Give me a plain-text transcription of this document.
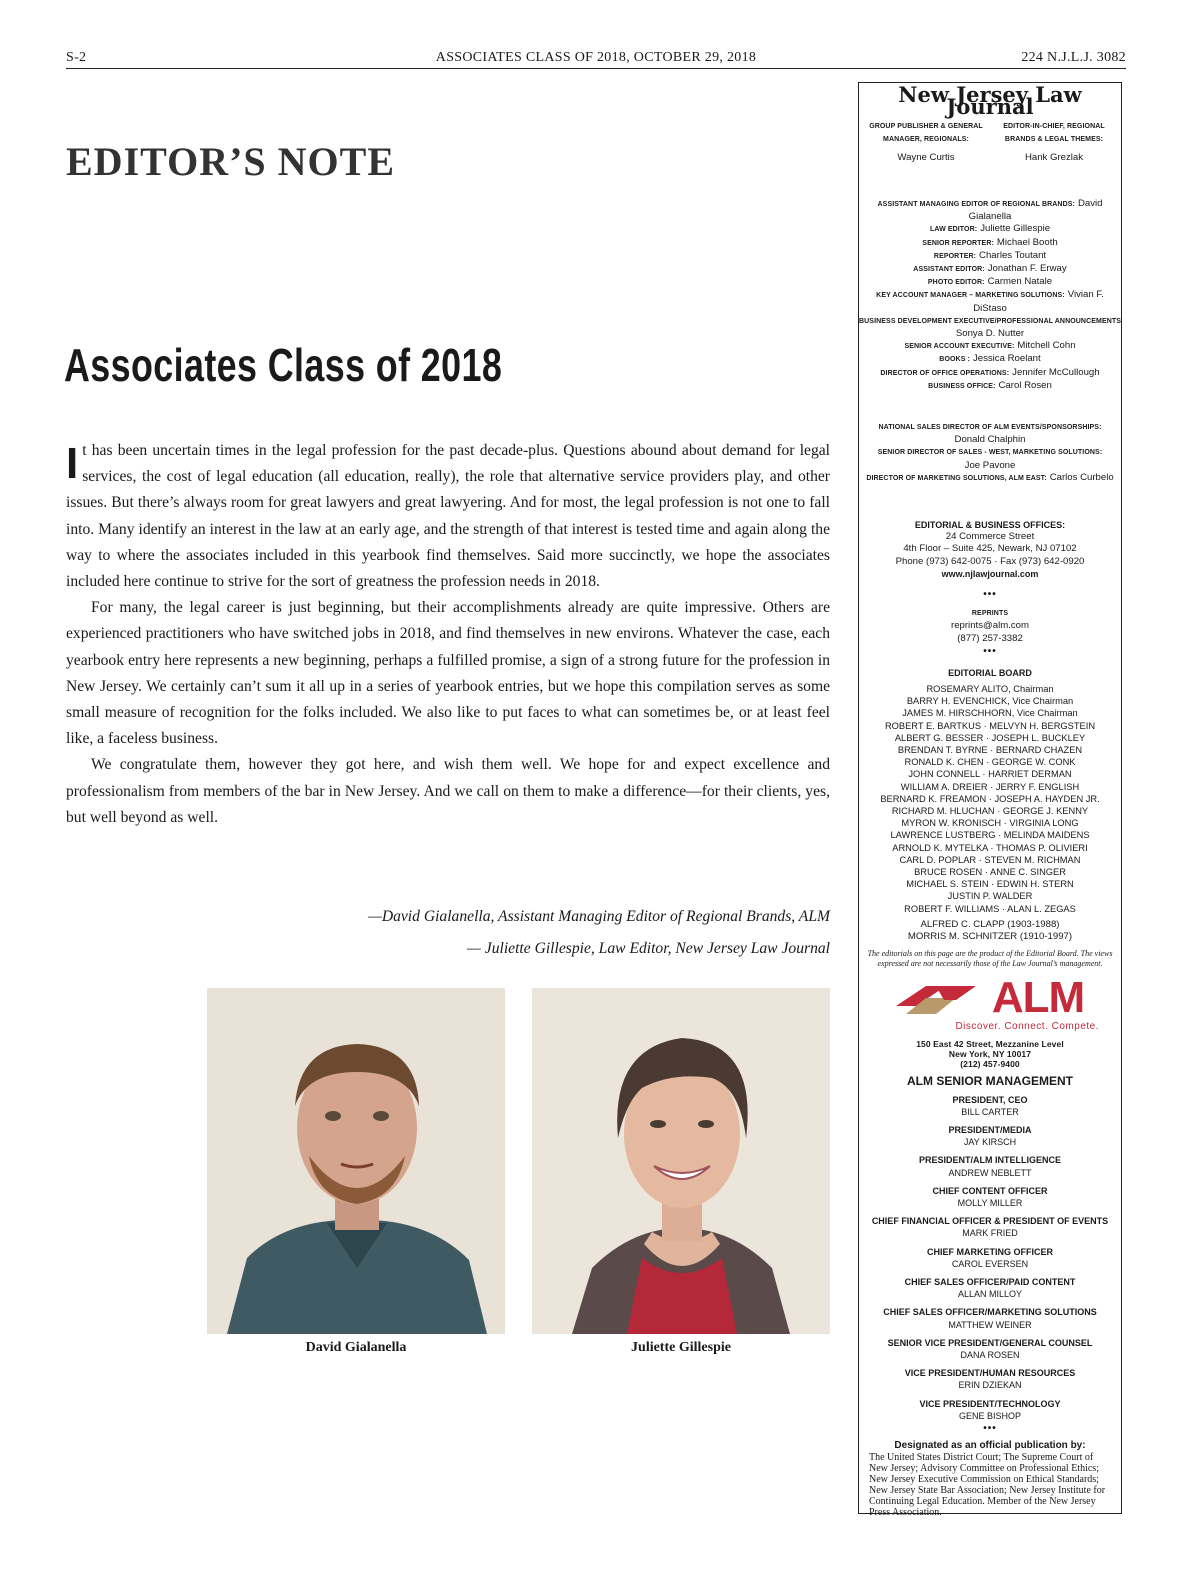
S-2	ASSOCIATES CLASS OF 2018, OCTOBER 29, 2018	224 N.J.L.J. 3082
EDITOR’S NOTE
Associates Class of 2018

It has been uncertain times in the legal profession for the past decade-plus. Questions abound about demand for legal services, the cost of legal education (all education, really), the role that alternative service providers play, and other issues. But there’s always room for great lawyers and great lawyering. And for most, the legal profession is not one to fall into. Many identify an interest in the law at an early age, and the strength of that interest is tested time and again along the way to where the associates included in this yearbook find themselves. Said more succinctly, we hope the associates included here continue to strive for the sort of greatness the profession needs in 2018.

For many, the legal career is just beginning, but their accomplishments already are quite impressive. Others are experienced practitioners who have switched jobs in 2018, and find themselves in new environs. Whatever the case, each yearbook entry here represents a new beginning, perhaps a fulfilled promise, a sign of a strong future for the profession in New Jersey. We certainly can’t sum it all up in a series of yearbook entries, but we hope this compilation serves as some small measure of recognition for the folks included. We also like to put faces to what can sometimes be, or at least feel like, a faceless business.

We congratulate them, however they got here, and wish them well. We hope for and expect excellence and professionalism from members of the bar in New Jersey. And we call on them to make a difference—for their clients, yes, but well beyond as well.

—David Gialanella, Assistant Managing Editor of Regional Brands, ALM
— Juliette Gillespie, Law Editor, New Jersey Law Journal
David Gialanella	Juliette Gillespie
New Jersey Law Journal
GROUP PUBLISHER & GENERAL MANAGER, REGIONALS:
Wayne Curtis
EDITOR-IN-CHIEF, REGIONAL BRANDS & LEGAL THEMES:
Hank Grezlak
ASSISTANT MANAGING EDITOR OF REGIONAL BRANDS: David Gialanella
LAW EDITOR: Juliette Gillespie
SENIOR REPORTER: Michael Booth
REPORTER: Charles Toutant
ASSISTANT EDITOR: Jonathan F. Erway
PHOTO EDITOR: Carmen Natale
KEY ACCOUNT MANAGER – MARKETING SOLUTIONS: Vivian F. DiStaso
BUSINESS DEVELOPMENT EXECUTIVE/PROFESSIONAL ANNOUNCEMENTS
Sonya D. Nutter
SENIOR ACCOUNT EXECUTIVE: Mitchell Cohn
BOOKS : Jessica Roelant
DIRECTOR OF OFFICE OPERATIONS: Jennifer McCullough
BUSINESS OFFICE: Carol Rosen
NATIONAL SALES DIRECTOR OF ALM EVENTS/SPONSORSHIPS:
Donald Chalphin
SENIOR DIRECTOR OF SALES - WEST, MARKETING SOLUTIONS:
Joe Pavone
DIRECTOR OF MARKETING SOLUTIONS, ALM EAST: Carlos Curbelo
EDITORIAL & BUSINESS OFFICES:
24 Commerce Street
4th Floor – Suite 425, Newark, NJ 07102
Phone (973) 642-0075 · Fax (973) 642-0920
www.njlawjournal.com
•••
REPRINTS
reprints@alm.com
(877) 257-3382
•••
EDITORIAL BOARD
ROSEMARY ALITO, Chairman
BARRY H. EVENCHICK, Vice Chairman
JAMES M. HIRSCHHORN, Vice Chairman
ROBERT E. BARTKUS · MELVYN H. BERGSTEIN
ALBERT G. BESSER · JOSEPH L. BUCKLEY
BRENDAN T. BYRNE · BERNARD CHAZEN
RONALD K. CHEN · GEORGE W. CONK
JOHN CONNELL · HARRIET DERMAN
WILLIAM A. DREIER · JERRY F. ENGLISH
BERNARD K. FREAMON · JOSEPH A. HAYDEN JR.
RICHARD M. HLUCHAN · GEORGE J. KENNY
MYRON W. KRONISCH · VIRGINIA LONG
LAWRENCE LUSTBERG · MELINDA MAIDENS
ARNOLD K. MYTELKA · THOMAS P. OLIVIERI
CARL D. POPLAR · STEVEN M. RICHMAN
BRUCE ROSEN · ANNE C. SINGER
MICHAEL S. STEIN · EDWIN H. STERN
JUSTIN P. WALDER
ROBERT F. WILLIAMS · ALAN L. ZEGAS
ALFRED C. CLAPP (1903-1988)
MORRIS M. SCHNITZER (1910-1997)
The editorials on this page are the product of the Editorial Board. The views expressed are not necessarily those of the Law Journal’s management.
ALM
Discover. Connect. Compete.
150 East 42 Street, Mezzanine Level
New York, NY 10017
(212) 457-9400
ALM SENIOR MANAGEMENT
PRESIDENT, CEO
BILL CARTER
PRESIDENT/MEDIA
JAY KIRSCH
PRESIDENT/ALM INTELLIGENCE
ANDREW NEBLETT
CHIEF CONTENT OFFICER
MOLLY MILLER
CHIEF FINANCIAL OFFICER & PRESIDENT OF EVENTS
MARK FRIED
CHIEF MARKETING OFFICER
CAROL EVERSEN
CHIEF SALES OFFICER/PAID CONTENT
ALLAN MILLOY
CHIEF SALES OFFICER/MARKETING SOLUTIONS
MATTHEW WEINER
SENIOR VICE PRESIDENT/GENERAL COUNSEL
DANA ROSEN
VICE PRESIDENT/HUMAN RESOURCES
ERIN DZIEKAN
VICE PRESIDENT/TECHNOLOGY
GENE BISHOP
•••
Designated as an official publication by:
The United States District Court; The Supreme Court of New Jersey; Advisory Committee on Professional Ethics; New Jersey Executive Commission on Ethical Standards; New Jersey State Bar Association; New Jersey Institute for Continuing Legal Education. Member of the New Jersey Press Association.
